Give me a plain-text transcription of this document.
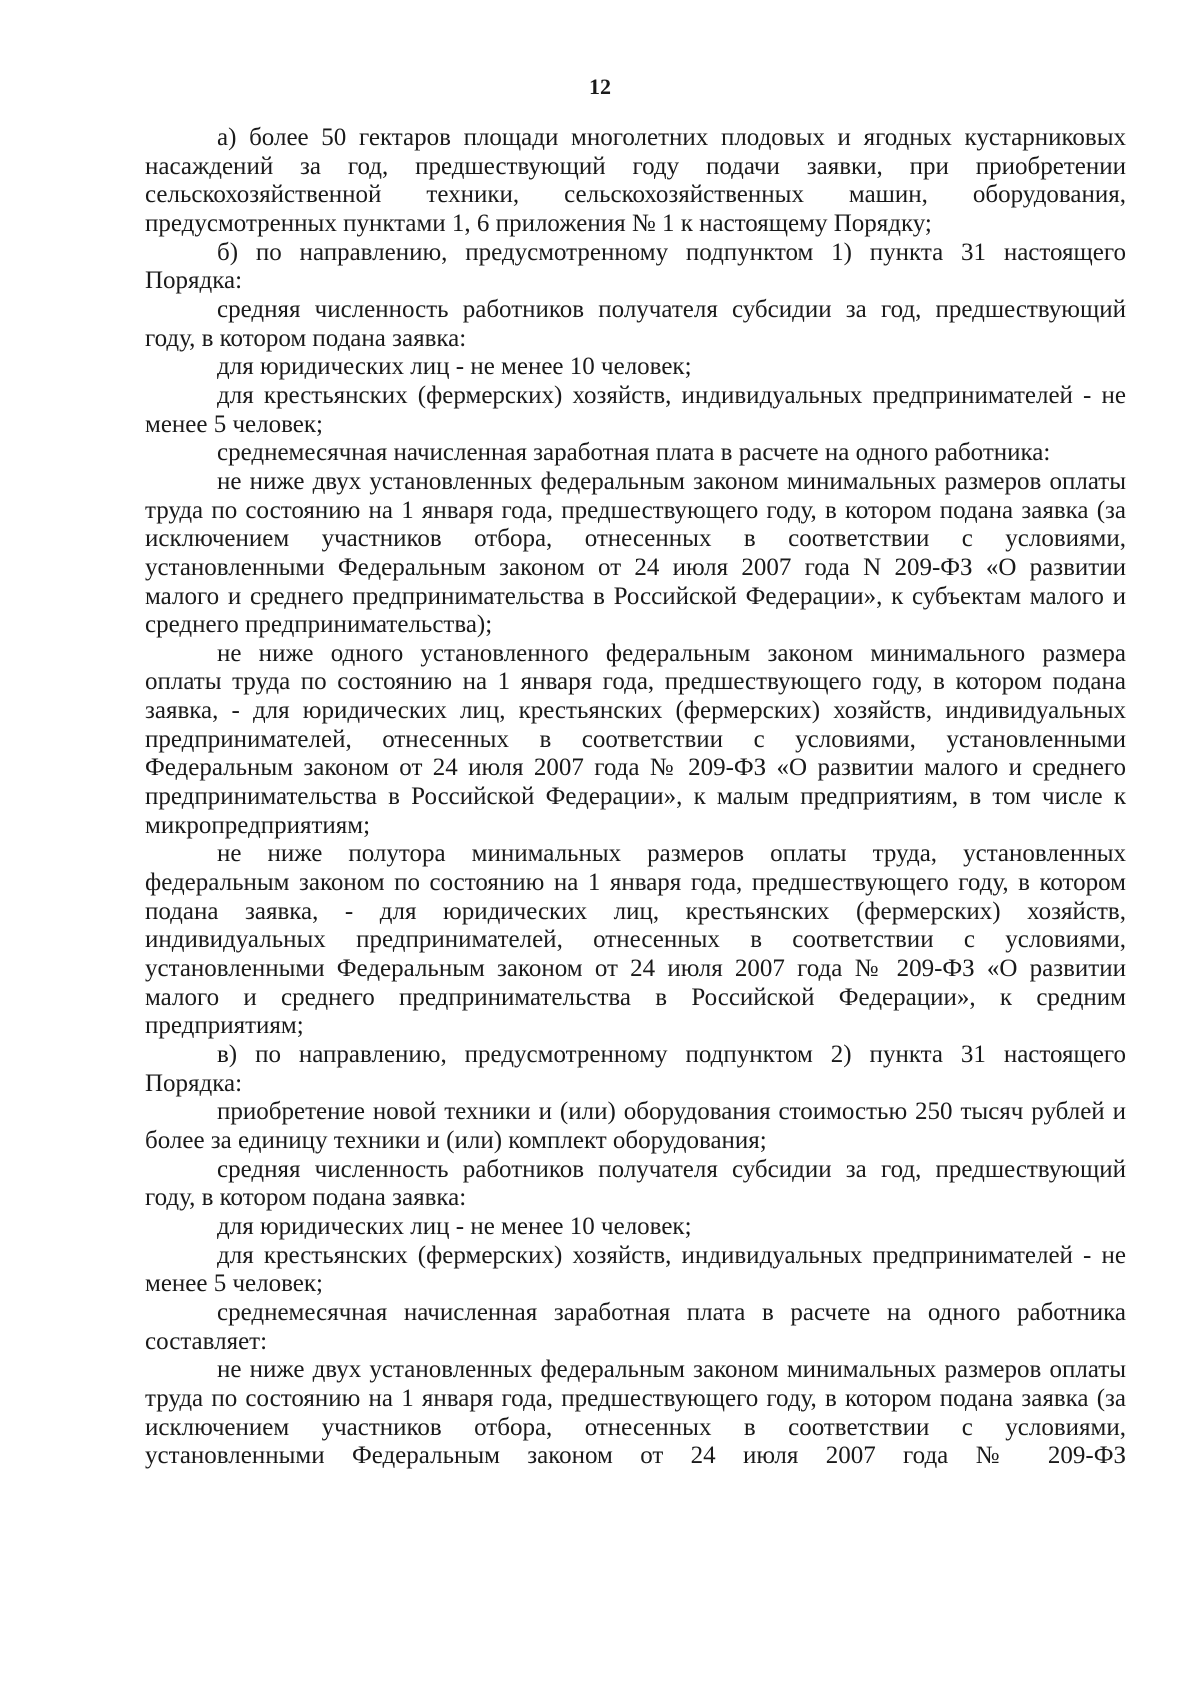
12

а) более 50 гектаров площади многолетних плодовых и ягодных кустарниковых насаждений за год, предшествующий году подачи заявки, при приобретении сельскохозяйственной техники, сельскохозяйственных машин, оборудования, предусмотренных пунктами 1, 6 приложения № 1 к настоящему Порядку;

б) по направлению, предусмотренному подпунктом 1) пункта 31 настоящего Порядка:

средняя численность работников получателя субсидии за год, предшествующий году, в котором подана заявка:

для юридических лиц - не менее 10 человек;

для крестьянских (фермерских) хозяйств, индивидуальных предпринимателей - не менее 5 человек;

среднемесячная начисленная заработная плата в расчете на одного работника:

не ниже двух установленных федеральным законом минимальных размеров оплаты труда по состоянию на 1 января года, предшествующего году, в котором подана заявка (за исключением участников отбора, отнесенных в соответствии с условиями, установленными Федеральным законом от 24 июля 2007 года N 209-ФЗ «О развитии малого и среднего предпринимательства в Российской Федерации», к субъектам малого и среднего предпринимательства);

не ниже одного установленного федеральным законом минимального размера оплаты труда по состоянию на 1 января года, предшествующего году, в котором подана заявка, - для юридических лиц, крестьянских (фермерских) хозяйств, индивидуальных предпринимателей, отнесенных в соответствии с условиями, установленными Федеральным законом от 24 июля 2007 года № 209-ФЗ «О развитии малого и среднего предпринимательства в Российской Федерации», к малым предприятиям, в том числе к микропредприятиям;

не ниже полутора минимальных размеров оплаты труда, установленных федеральным законом по состоянию на 1 января года, предшествующего году, в котором подана заявка, - для юридических лиц, крестьянских (фермерских) хозяйств, индивидуальных предпринимателей, отнесенных в соответствии с условиями, установленными Федеральным законом от 24 июля 2007 года № 209-ФЗ «О развитии малого и среднего предпринимательства в Российской Федерации», к средним предприятиям;

в) по направлению, предусмотренному подпунктом 2) пункта 31 настоящего Порядка:

приобретение новой техники и (или) оборудования стоимостью 250 тысяч рублей и более за единицу техники и (или) комплект оборудования;

средняя численность работников получателя субсидии за год, предшествующий году, в котором подана заявка:

для юридических лиц - не менее 10 человек;

для крестьянских (фермерских) хозяйств, индивидуальных предпринимателей - не менее 5 человек;

среднемесячная начисленная заработная плата в расчете на одного работника составляет:

не ниже двух установленных федеральным законом минимальных размеров оплаты труда по состоянию на 1 января года, предшествующего году, в котором подана заявка (за исключением участников отбора, отнесенных в соответствии с условиями, установленными Федеральным законом от 24 июля 2007 года № 209-ФЗ
